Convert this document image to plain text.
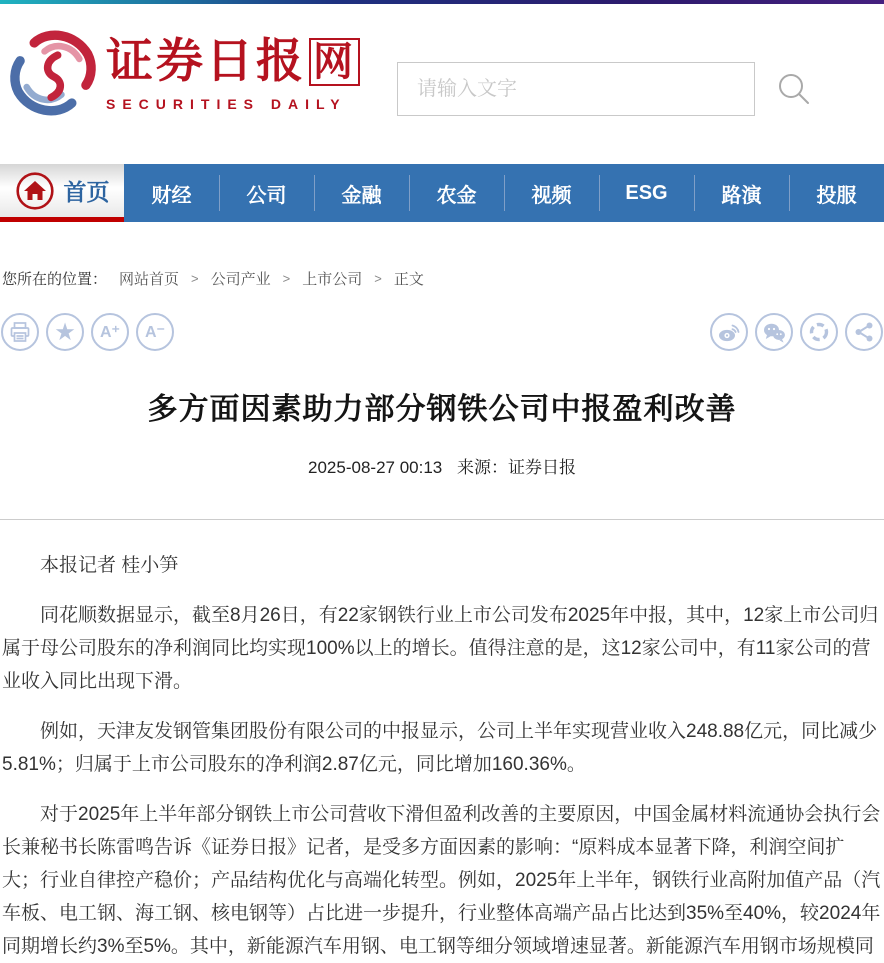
证券日报 网
SECURITIES DAILY
请输入文字
首页	财经	公司	金融	农金	视频	ESG	路演	投服
您所在的位置： 网站首页 > 公司产业 > 上市公司 > 正文
★	A⁺	A⁻
多方面因素助力部分钢铁公司中报盈利改善
2025-08-27 00:13 来源：证券日报

本报记者 桂小笋

同花顺数据显示，截至8月26日，有22家钢铁行业上市公司发布2025年中报，其中，12家上市公司归属于母公司股东的净利润同比均实现100%以上的增长。值得注意的是，这12家公司中，有11家公司的营业收入同比出现下滑。

例如，天津友发钢管集团股份有限公司的中报显示，公司上半年实现营业收入248.88亿元，同比减少5.81%；归属于上市公司股东的净利润2.87亿元，同比增加160.36%。

对于2025年上半年部分钢铁上市公司营收下滑但盈利改善的主要原因，中国金属材料流通协会执行会长兼秘书长陈雷鸣告诉《证券日报》记者，是受多方面因素的影响：“原料成本显著下降，利润空间扩大；行业自律控产稳价；产品结构优化与高端化转型。例如，2025年上半年，钢铁行业高附加值产品（汽车板、电工钢、海工钢、核电钢等）占比进一步提升，行业整体高端产品占比达到35%至40%，较2024年同期增长约3%至5%。其中，新能源汽车用钢、电工钢等细分领域增速显著。新能源汽车用钢市场规模同
